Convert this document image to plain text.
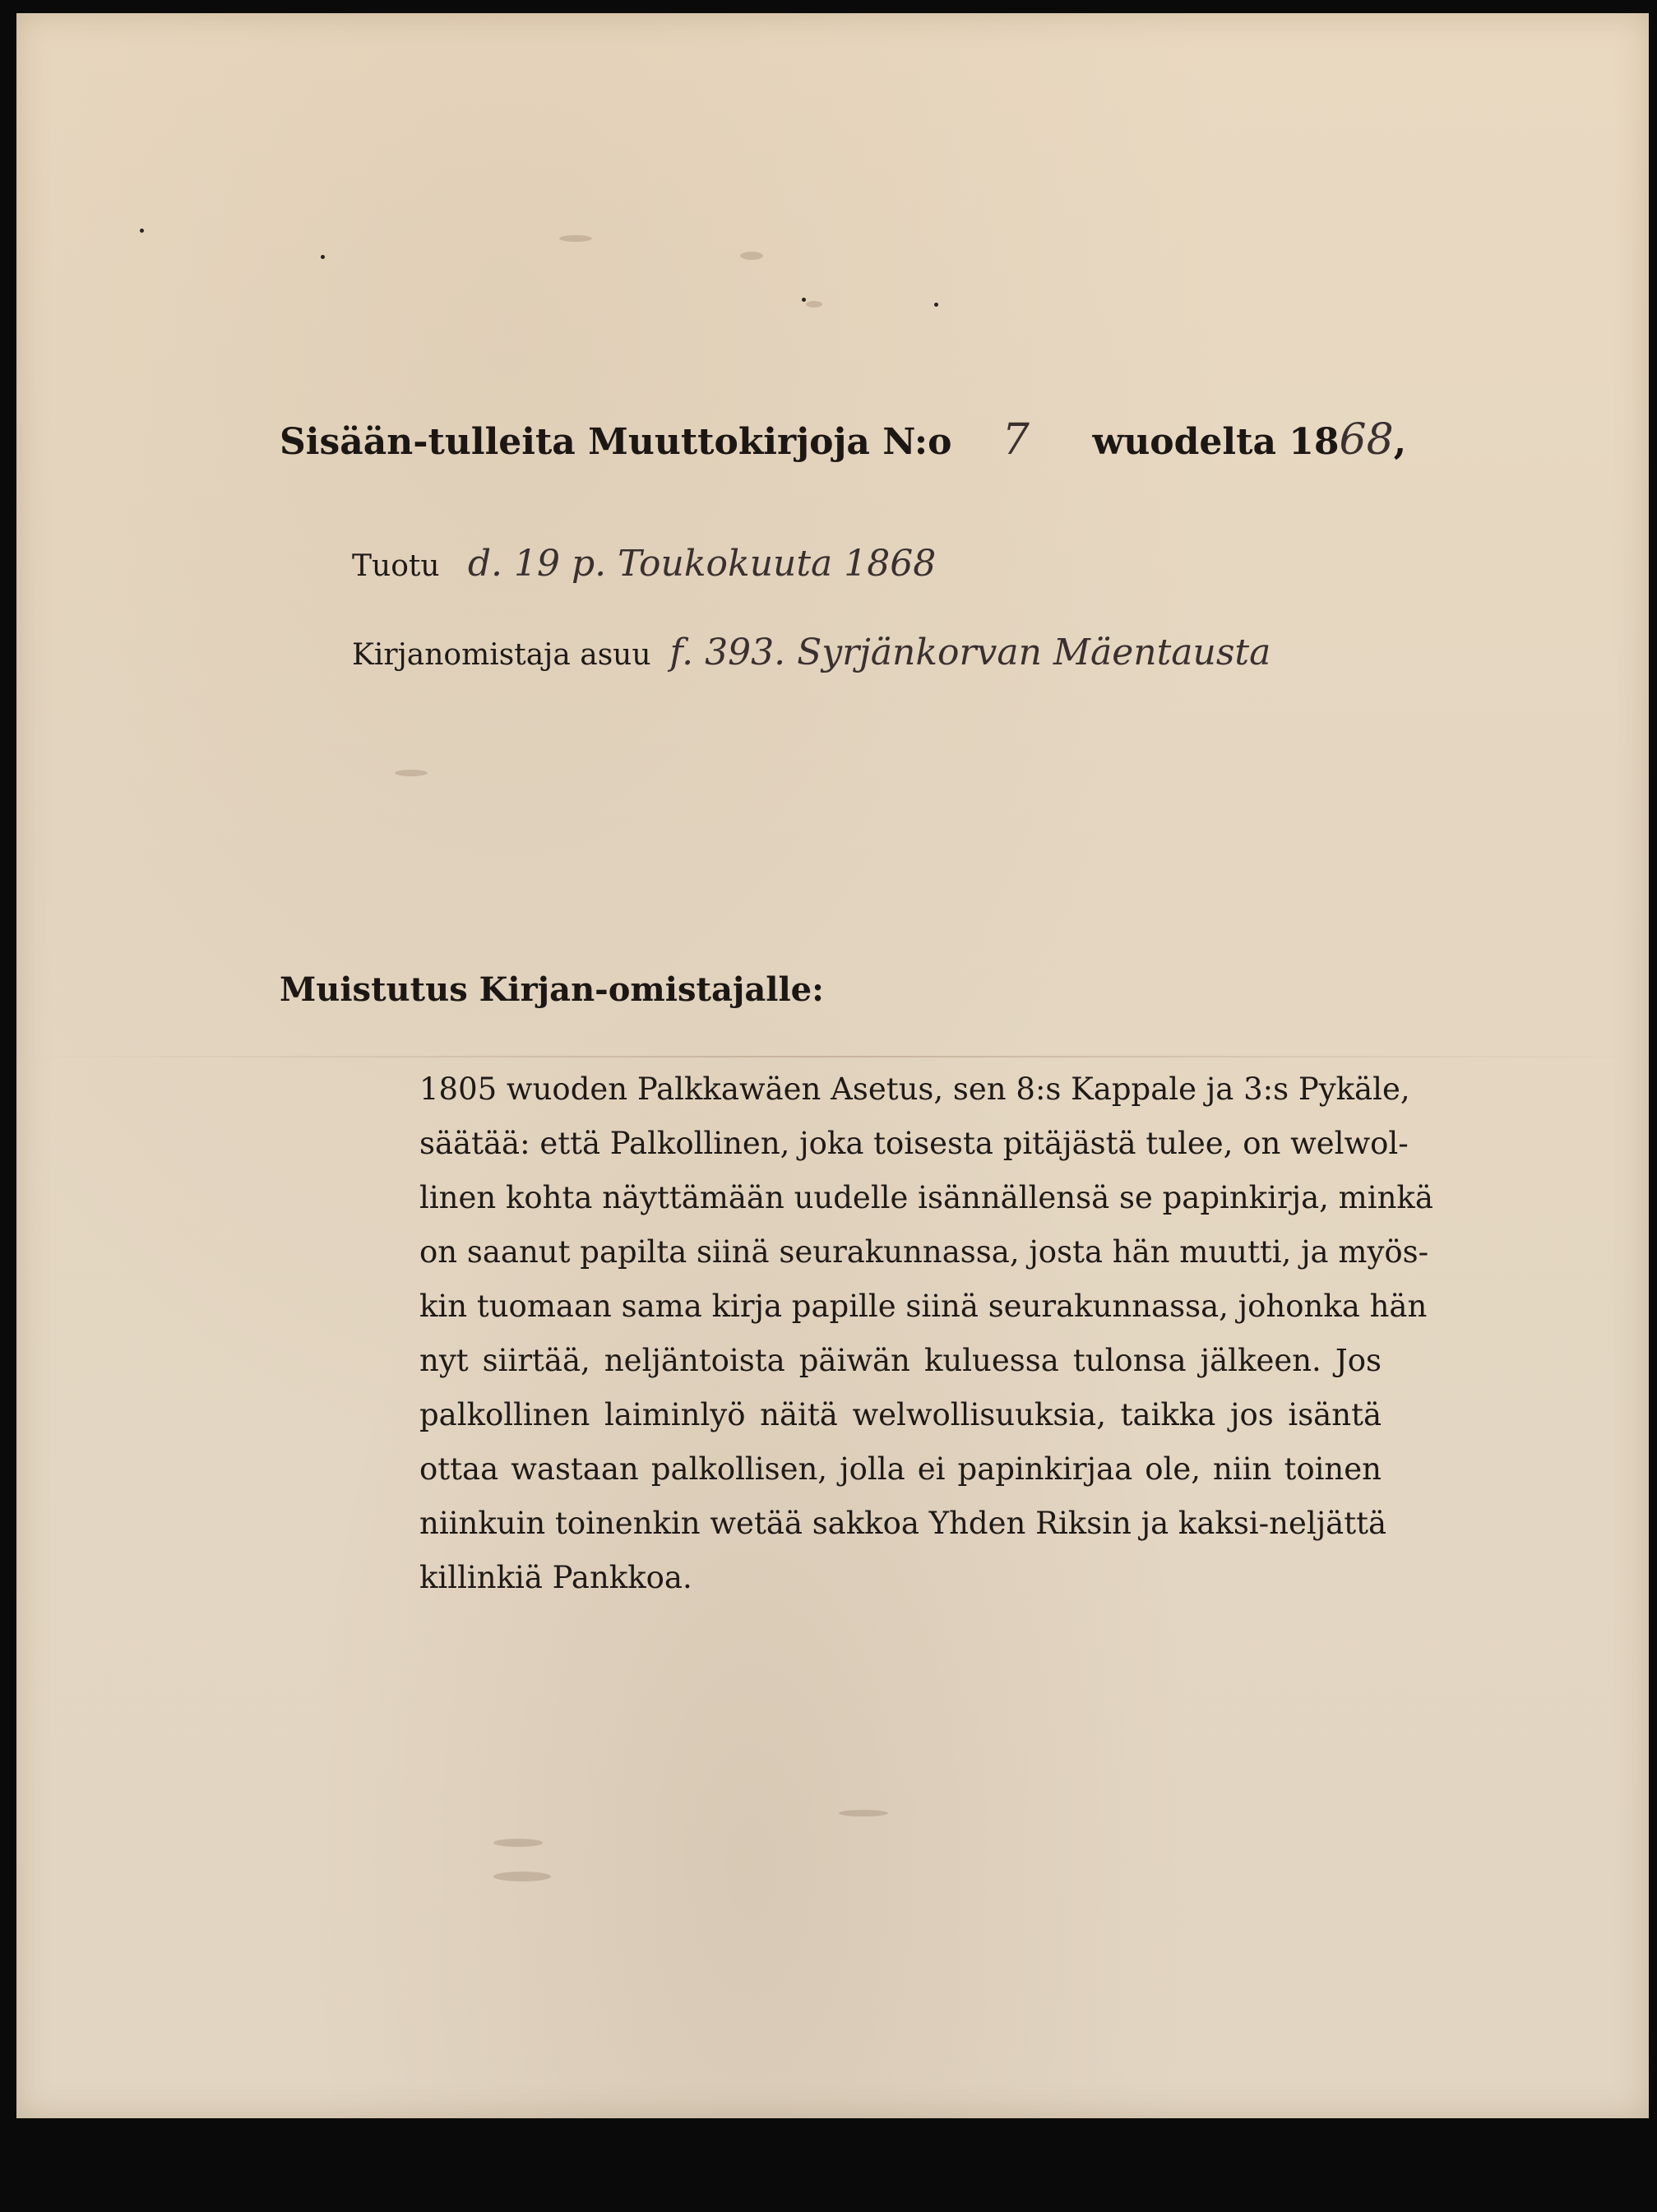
Sisään-tulleita Muuttokirjoja N:o 7 wuodelta 1868,
Tuotu d. 19 p. Toukokuuta 1868
Kirjanomistaja asuu f. 393. Syrjänkorvan Mäentausta
Muistutus Kirjan-omistajalle:
1805 wuoden Palkkawäen Asetus, sen 8:s Kappale ja 3:s Pykäle,
säätää: että Palkollinen, joka toisesta pitäjästä tulee, on welwol-
linen kohta näyttämään uudelle isännällensä se papinkirja, minkä
on saanut papilta siinä seurakunnassa, josta hän muutti, ja myös-
kin tuomaan sama kirja papille siinä seurakunnassa, johonka hän
nyt siirtää, neljäntoista päiwän kuluessa tulonsa jälkeen. Jos
palkollinen laiminlyö näitä welwollisuuksia, taikka jos isäntä
ottaa wastaan palkollisen, jolla ei papinkirjaa ole, niin toinen
niinkuin toinenkin wetää sakkoa Yhden Riksin ja kaksi-neljättä
killinkiä Pankkoa.
